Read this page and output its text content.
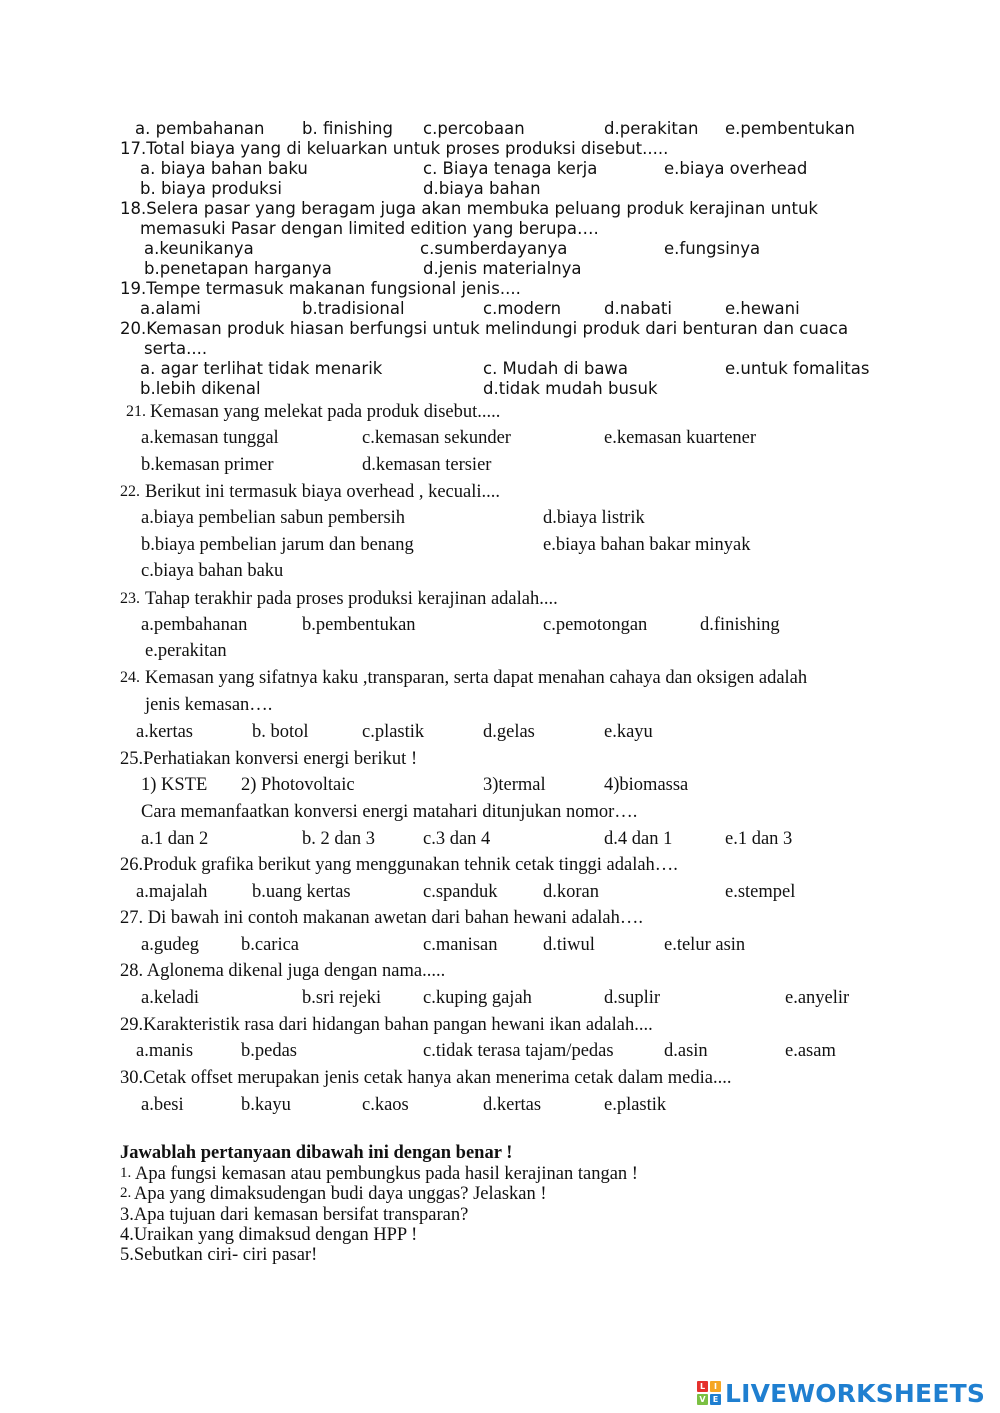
a. pembahanan b. finishing c.percobaan	d.perakitan e.pembentukan
17.Total biaya yang di keluarkan untuk proses produksi disebut.....
a. biaya bahan baku	c. Biaya tenaga kerja	e.biaya overhead
b. biaya produksi	d.biaya bahan
18.Selera pasar yang beragam juga akan membuka peluang produk kerajinan untuk
memasuki Pasar dengan limited edition yang berupa….
a.keunikanya	c.sumberdayanya	e.fungsinya
b.penetapan harganya	d.jenis materialnya
19.Tempe termasuk makanan fungsional jenis....
a.alami	b.tradisional	c.modern	d.nabati	e.hewani
20.Kemasan produk hiasan berfungsi untuk melindungi produk dari benturan dan cuaca
serta....
a. agar terlihat tidak menarik	c. Mudah di bawa	e.untuk fomalitas
b.lebih dikenal	d.tidak mudah busuk
21. Kemasan yang melekat pada produk disebut.....
a.kemasan tunggal	c.kemasan sekunder	e.kemasan kuartener
b.kemasan primer	d.kemasan tersier
22. Berikut ini termasuk biaya overhead , kecuali....
a.biaya pembelian sabun pembersih	d.biaya listrik
b.biaya pembelian jarum dan benang	e.biaya bahan bakar minyak
c.biaya bahan baku
23. Tahap terakhir pada proses produksi kerajinan adalah....
a.pembahanan	b.pembentukan	c.pemotongan	d.finishing
e.perakitan
24. Kemasan yang sifatnya kaku ,transparan, serta dapat menahan cahaya dan oksigen adalah
jenis kemasan….
a.kertas	b. botol	c.plastik	d.gelas	e.kayu
25.Perhatiakan konversi energi berikut !
1) KSTE 2) Photovoltaic	3)termal	4)biomassa
Cara memanfaatkan konversi energi matahari ditunjukan nomor….
a.1 dan 2	b. 2 dan 3	c.3 dan 4	d.4 dan 1	e.1 dan 3
26.Produk grafika berikut yang menggunakan tehnik cetak tinggi adalah….
a.majalah b.uang kertas	c.spanduk d.koran	e.stempel
27. Di bawah ini contoh makanan awetan dari bahan hewani adalah….
a.gudeg b.carica	c.manisan d.tiwul	e.telur asin
28. Aglonema dikenal juga dengan nama.....
a.keladi	b.sri rejeki c.kuping gajah	d.suplir	e.anyelir
29.Karakteristik rasa dari hidangan bahan pangan hewani ikan adalah....
a.manis	b.pedas	c.tidak terasa tajam/pedas	d.asin	e.asam
30.Cetak offset merupakan jenis cetak hanya akan menerima cetak dalam media....
a.besi	b.kayu	c.kaos	d.kertas	e.plastik
Jawablah pertanyaan dibawah ini dengan benar !
1. Apa fungsi kemasan atau pembungkus pada hasil kerajinan tangan !
2. Apa yang dimaksudengan budi daya unggas? Jelaskan !
3.Apa tujuan dari kemasan bersifat transparan?
4.Uraikan yang dimaksud dengan HPP !
5.Sebutkan ciri- ciri pasar!
L	I
V E LIVEWORKSHEETS
